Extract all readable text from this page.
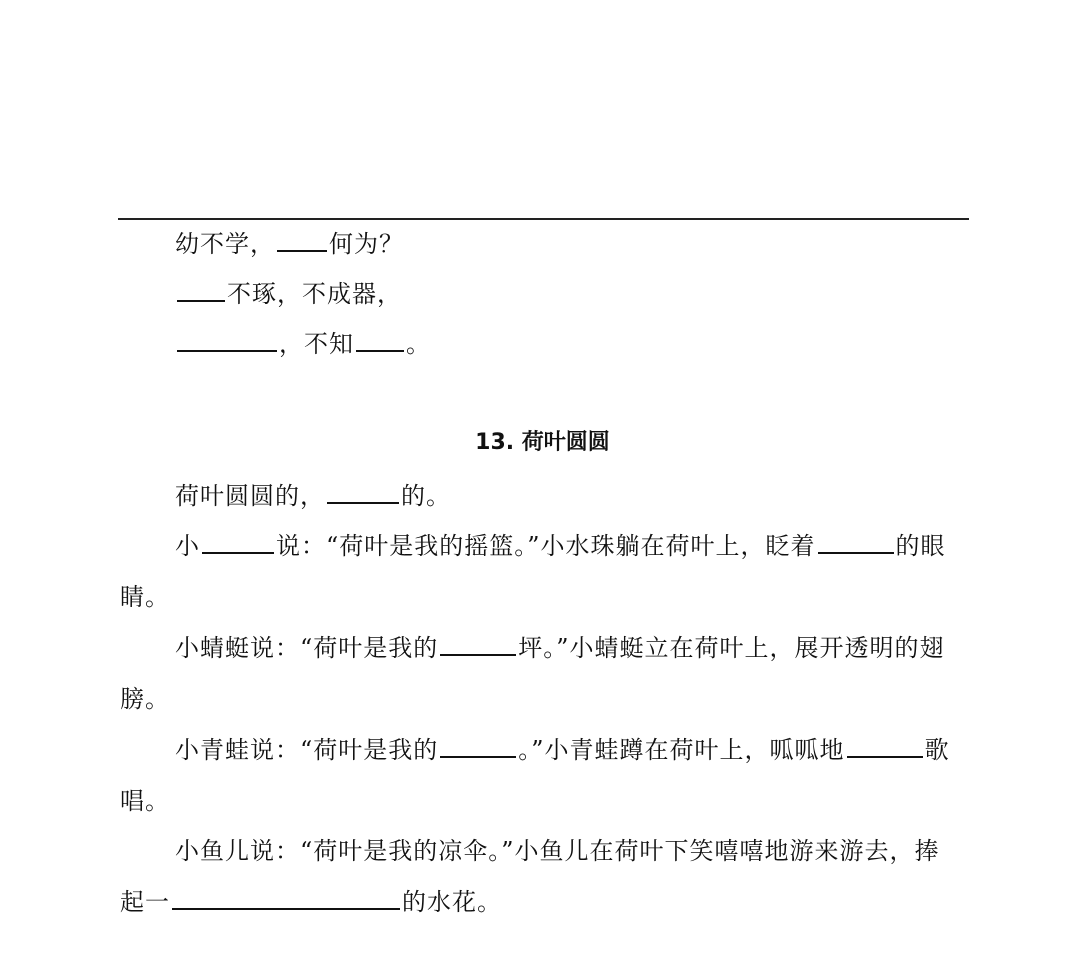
幼不学， 何为？
不琢，不成器，
，不知 。
13. 荷叶圆圆
荷叶圆圆的，	的。
小	说：“荷叶是我的摇篮。”小水珠躺在荷叶上，眨着	的眼
睛。
小蜻蜓说：“荷叶是我的	坪。”小蜻蜓立在荷叶上，展开透明的翅
膀。
小青蛙说：“荷叶是我的	。”小青蛙蹲在荷叶上，呱呱地	歌
唱。
小鱼儿说：“荷叶是我的凉伞。”小鱼儿在荷叶下笑嘻嘻地游来游去，捧
起一	的水花。
